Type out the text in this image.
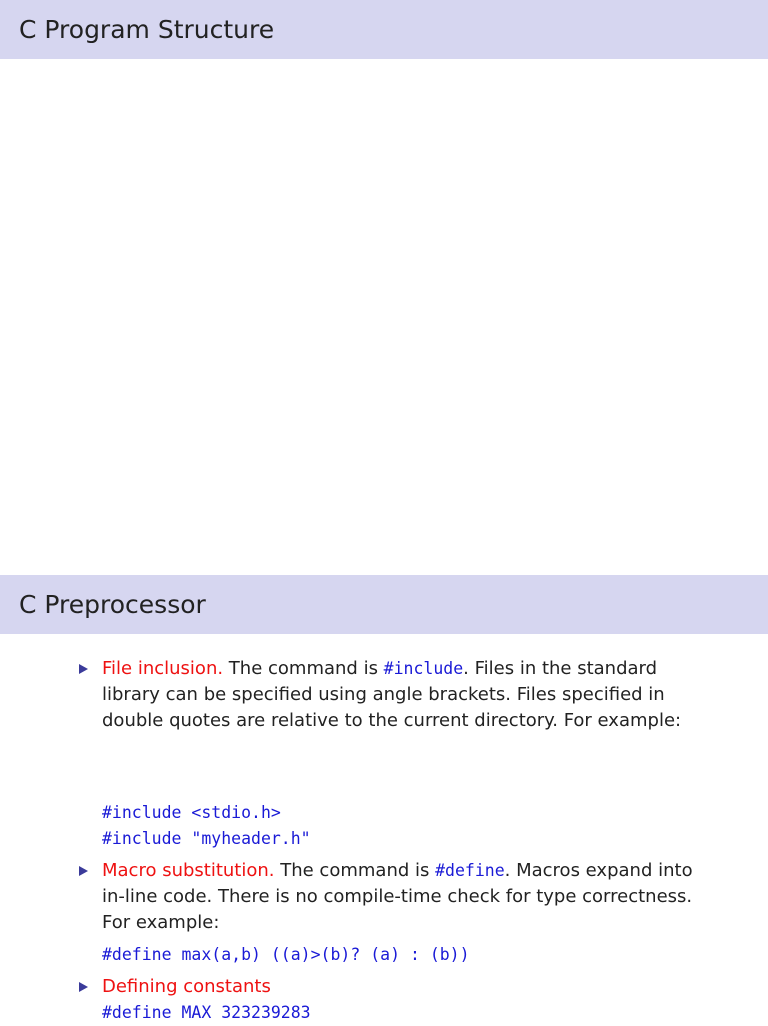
C Program Structure
C Preprocessor
File inclusion. The command is #include. Files in the standard library can be specified using angle brackets. Files specified in double quotes are relative to the current directory. For example:
#include <stdio.h>
#include "myheader.h"
Macro substitution. The command is #define. Macros expand into in-line code. There is no compile-time check for type correctness. For example:
#define max(a,b) ((a)>(b)? (a) : (b))
Defining constants
#define MAX 323239283
